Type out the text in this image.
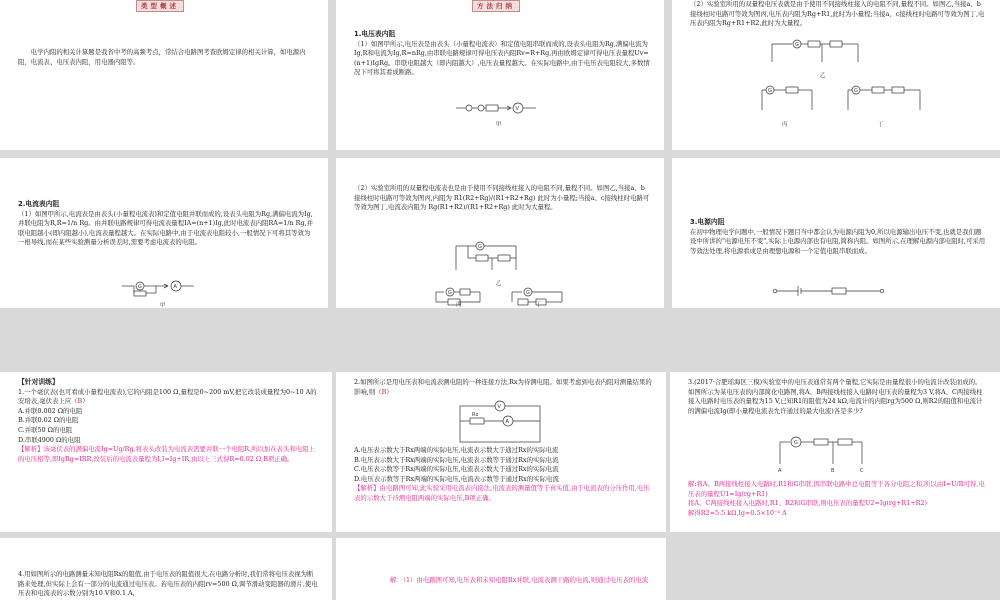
类型概述

电学内阻的相关计算题是我省中考的高频考点，常结合电路图考查欧姆定律的相关计算，如电源内阻，电流表、电压表内阻，用电器内阻等。

方法归纳

1.电压表内阻

（1）如图甲所示,电压表是由表头（小量程电流表）和定值电阻串联而成的,设表头电阻为Rg,满偏电流为Ig,R和电流为Ig,R=nRg,由串联电路规律可得电压表内阻Rv=R+Rg,再由欧姆定律可得电压表量程Uv=(n+1)IgRg。串联电阻越大（即内阻越大）,电压表量程越大。在实际电路中,由于电压表电阻较大,多数情况下可将其看成断路。

V
甲

（2）实验室所用的双量程电压表就是由于使用不同接线柱接入的电阻不同,量程不同。如图乙,当接a、b接线柱时电路可等效为图丙,电压表内阻为Rg+R1,此时为小量程;当接a、c接线柱时电路可等效为图丁,电压表内阻为Rg+R1+R2,此时为大量程。

G
乙
G
丙
G
丁

2.电流表内阻

（1）如图甲所示,电流表是由表头(小量程电流表)和定值电阻并联而成的,设表头电阻为Rg,满偏电流为Ig,并联电阻为R,R=1/n Rg。由并联电路规律可得电流表量程IA=(n+1)Ig,此时电流表内阻RA=1/n Rg,并联电阻越小(即内阻越小),电流表量程越大。在实际电路中,由于电流表电阻较小,一般情况下可将其等效为一根导线,而在某些实验测量分析误差时,需要考虑电流表的电阻。

G	A
甲

（2）实验室所用的双量程电流表也是由于使用不同接线柱接入的电阻不同,量程不同。如图乙,当接a、b接线柱时电路可等效为图丙,内阻为 R1(R2+Rg)/(R1+R2+Rg) 此时为小量程;当接a、c接线柱时电路可等效为图丁,电流表内阻为 Rg(R1+R2)/(R1+R2+Rg) 此时为大量程。

G
乙
G	G
丙	丁

3.电源内阻

在初中物理电学问题中,一般情况下题目当中都会认为电源内阻为0,所以电源输出电压不变,也就是我们题设中所讲的"电源电压不变",实际上电源内部也有电阻,简称内阻。如图所示,在理解电源内部电阻时,可采用等效法处理,将电源看成是由理想电源和一个定值电阻串联而成。

【针对训练】

1.一个毫伏表(也可看成小量程电流表),它的内阻是100 Ω,量程是0~200 mV,把它改装成量程为0~10 A的安培表,毫伏表上应（B）

A.并联0.002 Ω的电阻

B.并联0.02 Ω的电阻

C.并联50 Ω的电阻

D.串联4900 Ω的电阻

【解析】该毫伏表的满偏电流Ig=Ug/Rg,将表头改装为电流表需要并联一个电阻R,所以加在表头和电阻上的电压相等,即IgRg=IRR,改装后的电流表量程为I,I=Ig+IR,由以上三式得R≈0.02 Ω,B项正确。

2.如图所示是用电压表和电流表测电阻的一种连接方法,Rx为待测电阻。如果考虑到电表内阻对测量结果的影响,则（B）

V
Rx
A

A.电压表示数大于Rx两端的实际电压,电流表示数大于通过Rx的实际电流

B.电压表示数大于Rx两端的实际电压,电流表示数等于通过Rx的实际电流

C.电压表示数等于Rx两端的实际电压,电流表示数大于通过Rx的实际电流

D.电压表示数等于Rx两端的实际电压,电流表示数等于通过Rx的实际电流

【解析】由电路图可知,此实验采用电流表内接法,电流表的测量值等于真实值,由于电流表的分压作用,电压表的示数大于待测电阻两端的实际电压,B项正确。

3.(2017·合肥瑶海区三模)实验室中的电压表通常有两个量程,它实际是由量程很小的电流计改装而成的。如图所示为某电压表的内部简化电路图,将A、B两接线柱接入电路时电压表的量程为3 V,将A、C两接线柱接入电路时电压表的量程为15 V,已知R1的阻值为24 kΩ,电流计的内阻rg为500 Ω,则R2的阻值和电流计的满偏电流Ig(即小量程电流表允许通过的最大电流)各是多少?

G
A	B	C

解:将A、B两接线柱接入电路时,R1和G串联,因串联电路中总电阻等于各分电阻之和,所以由I=U/R可得,电压表的量程U1=Ig(rg+R1)

将A、C两接线柱接入电路时,R1、R2和G串联,则电压表的量程U2=Ig(rg+R1+R2)

解得R2=5.5 kΩ,Ig=0.5×10⁻⁴ A

4.用如图所示的电路测量未知电阻Rx的阻值,由于电压表的阻值很大,在电路分析时,我们常将电压表视为断路来处理,但实际上会有一部分的电流通过电压表。若电压表的内阻rv=500 Ω,调节滑动变阻器的滑片,使电压表和电流表的示数分别为10 V和0.1 A,

解：（1）由电路图可知,电压表和未知电阻Rx并联,电流表测干路的电流,则通过电压表的电流
